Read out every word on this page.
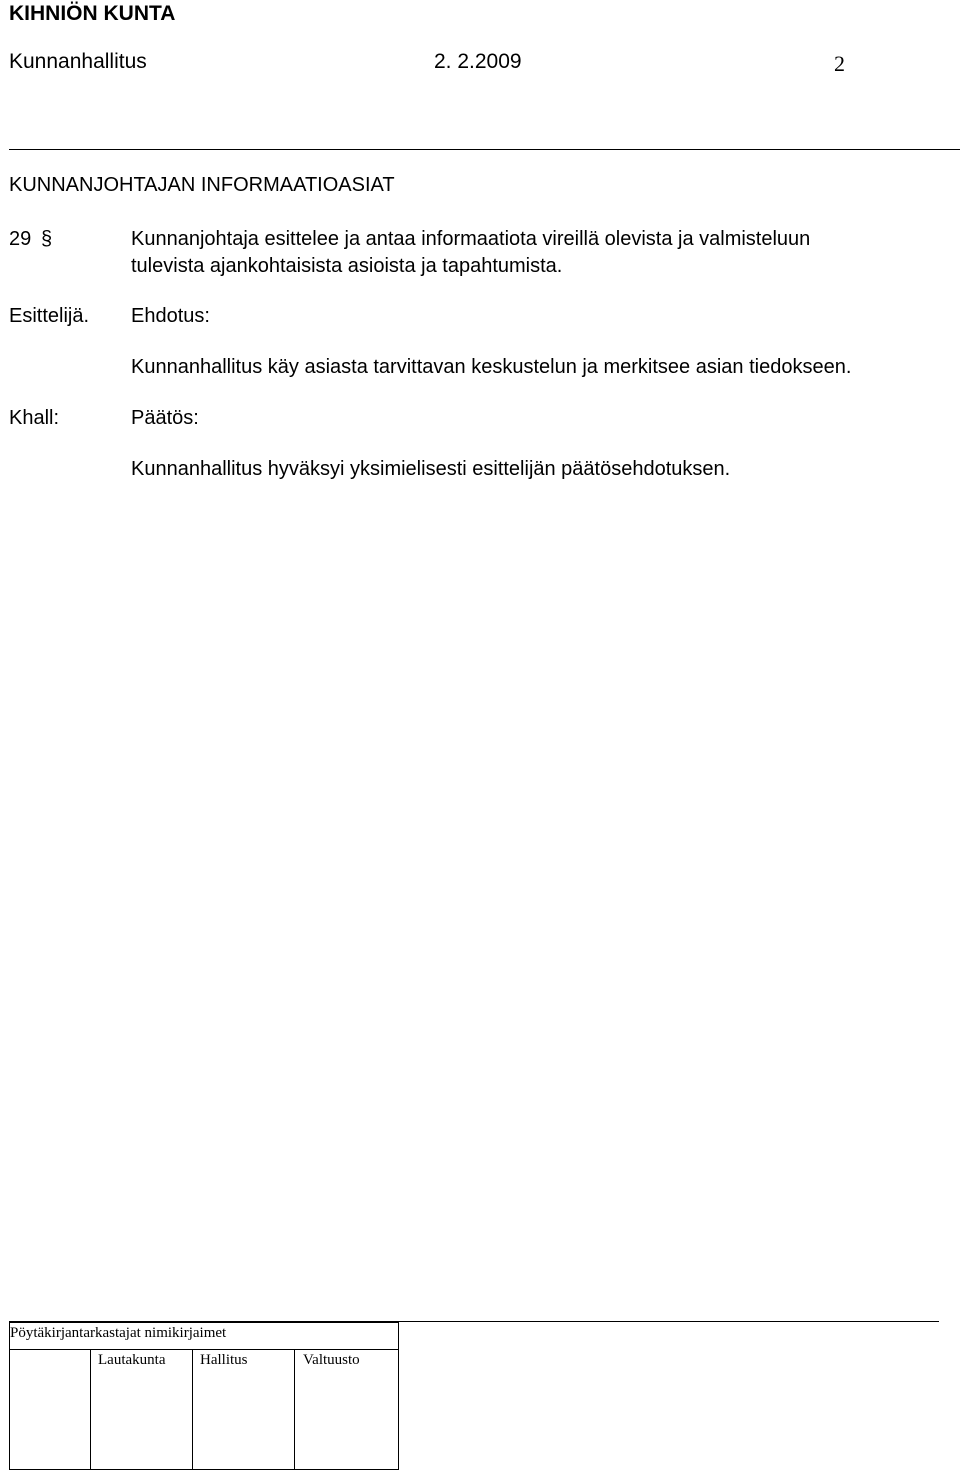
KIHNIÖN KUNTA
Kunnanhallitus	2. 2.2009	2
KUNNANJOHTAJAN INFORMAATIOASIAT
29 §	Kunnanjohtaja esittelee ja antaa informaatiota vireillä olevista ja valmisteluun
tulevista ajankohtaisista asioista ja tapahtumista.
Esittelijä. Ehdotus:
Kunnanhallitus käy asiasta tarvittavan keskustelun ja merkitsee asian tiedokseen.
Khall:	Päätös:
Kunnanhallitus hyväksyi yksimielisesti esittelijän päätösehdotuksen.
Pöytäkirjantarkastajat nimikirjaimet
Lautakunta Hallitus	Valtuusto
